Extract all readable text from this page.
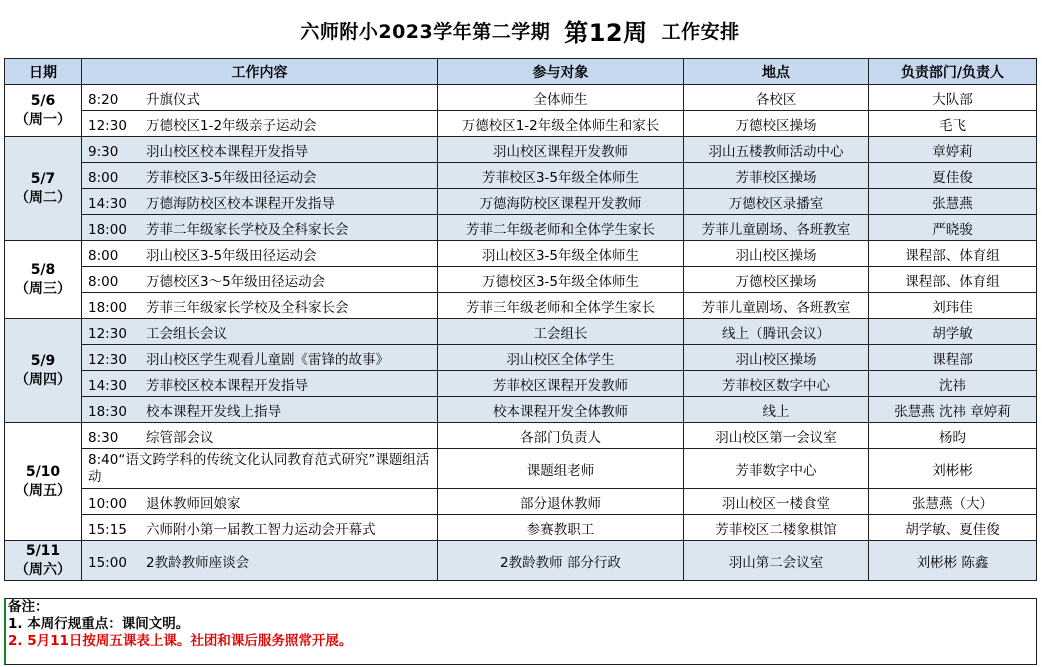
六师附小2023学年第二学期 第12周 工作安排
日期	工作内容	参与对象	地点	负责部门/负责人

5/6
（周一）	8:20 升旗仪式	全体师生	各校区	大队部
	12:30 万德校区1-2年级亲子运动会	万德校区1-2年级全体师生和家长	万德校区操场	毛飞

5/7
（周二）	9:30 羽山校区校本课程开发指导	羽山校区课程开发教师	羽山五楼教师活动中心	章婷莉
	8:00 芳菲校区3-5年级田径运动会	芳菲校区3-5年级全体师生	芳菲校区操场	夏佳俊
	14:30 万德海防校区校本课程开发指导	万德海防校区课程开发教师	万德校区录播室	张慧燕
	18:00 芳菲二年级家长学校及全科家长会	芳菲二年级老师和全体学生家长	芳菲儿童剧场、各班教室	严晓骏

5/8
（周三）	8:00 羽山校区3-5年级田径运动会	羽山校区3-5年级全体师生	羽山校区操场	课程部、体育组
	8:00 万德校区3～5年级田径运动会	万德校区3-5年级全体师生	万德校区操场	课程部、体育组
	18:00 芳菲三年级家长学校及全科家长会	芳菲三年级老师和全体学生家长	芳菲儿童剧场、各班教室	刘玮佳

5/9
（周四）	12:30 工会组长会议	工会组长	线上（腾讯会议）	胡学敏
	12:30 羽山校区学生观看儿童剧《雷锋的故事》	羽山校区全体学生	羽山校区操场	课程部
	14:30 芳菲校区校本课程开发指导	芳菲校区课程开发教师	芳菲校区数字中心	沈祎
	18:30 校本课程开发线上指导	校本课程开发全体教师	线上	张慧燕 沈祎 章婷莉

5/10
（周五）	8:30 综管部会议	各部门负责人	羽山校区第一会议室	杨昀
	8:40“语文跨学科的传统文化认同教育范式研究”课题组活动	课题组老师	芳菲数字中心	刘彬彬
	10:00 退休教师回娘家	部分退休教师	羽山校区一楼食堂	张慧燕（大）
	15:15 六师附小第一届教工智力运动会开幕式	参赛教职工	芳菲校区二楼象棋馆	胡学敏、夏佳俊

5/11
（周六）	15:00 2教龄教师座谈会	2教龄教师 部分行政	羽山第二会议室	刘彬彬 陈鑫
备注：
1. 本周行规重点：课间文明。
2. 5月11日按周五课表上课。社团和课后服务照常开展。
